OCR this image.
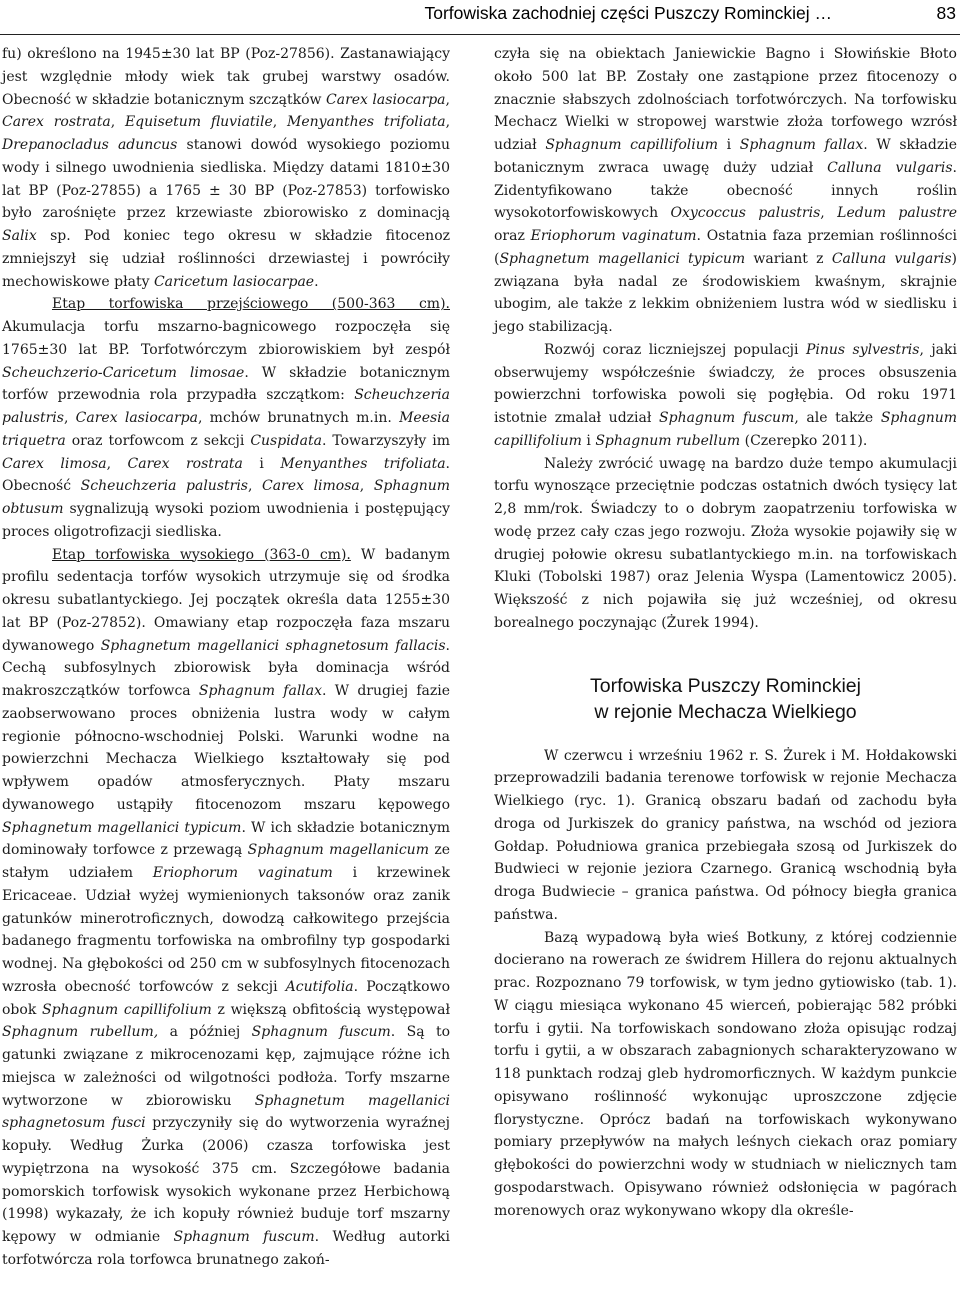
Torfowiska zachodniej części Puszczy Rominckiej …	83

fu) określono na 1945±30 lat BP (Poz-27856). Zastanawiający jest względnie młody wiek tak grubej warstwy osadów. Obecność w składzie botanicznym szczątków Carex lasiocarpa, Carex rostrata, Equisetum fluviatile, Menyanthes trifoliata, Drepanocladus aduncus stanowi dowód wysokiego poziomu wody i silnego uwodnienia siedliska. Między datami 1810±30 lat BP (Poz-27855) a 1765 ± 30 BP (Poz-27853) torfowisko było zarośnięte przez krzewiaste zbiorowisko z dominacją Salix sp. Pod koniec tego okresu w składzie fitocenoz zmniejszył się udział roślinności drzewiastej i powróciły mechowiskowe płaty Caricetum lasiocarpae.

Etap torfowiska przejściowego (500-363 cm). Akumulacja torfu mszarno-bagnicowego rozpoczęła się 1765±30 lat BP. Torfotwórczym zbiorowiskiem był zespół Scheuchzerio-Caricetum limosae. W składzie botanicznym torfów przewodnia rola przypadła szczątkom: Scheuchzeria palustris, Carex lasiocarpa, mchów brunatnych m.in. Meesia triquetra oraz torfowcom z sekcji Cuspidata. Towarzyszyły im Carex limosa, Carex rostrata i Menyanthes trifoliata. Obecność Scheuchzeria palustris, Carex limosa, Sphagnum obtusum sygnalizują wysoki poziom uwodnienia i postępujący proces oligotrofizacji siedliska.

Etap torfowiska wysokiego (363-0 cm). W badanym profilu sedentacja torfów wysokich utrzymuje się od środka okresu subatlantyckiego. Jej początek określa data 1255±30 lat BP (Poz-27852). Omawiany etap rozpoczęła faza mszaru dywanowego Sphagnetum magellanici sphagnetosum fallacis. Cechą subfosylnych zbiorowisk była dominacja wśród makroszczątków torfowca Sphagnum fallax. W drugiej fazie zaobserwowano proces obniżenia lustra wody w całym regionie północno-wschodniej Polski. Warunki wodne na powierzchni Mechacza Wielkiego kształtowały się pod wpływem opadów atmosferycznych. Płaty mszaru dywanowego ustąpiły fitocenozom mszaru kępowego Sphagnetum magellanici typicum. W ich składzie botanicznym dominowały torfowce z przewagą Sphagnum magellanicum ze stałym udziałem Eriophorum vaginatum i krzewinek Ericaceae. Udział wyżej wymienionych taksonów oraz zanik gatunków minerotroficznych, dowodzą całkowitego przejścia badanego fragmentu torfowiska na ombrofilny typ gospodarki wodnej. Na głębokości od 250 cm w subfosylnych fitocenozach wzrosła obecność torfowców z sekcji Acutifolia. Początkowo obok Sphagnum capillifolium z większą obfitością występował Sphagnum rubellum, a później Sphagnum fuscum. Są to gatunki związane z mikrocenozami kęp, zajmujące różne ich miejsca w zależności od wilgotności podłoża. Torfy mszarne wytworzone w zbiorowisku Sphagnetum magellanici sphagnetosum fusci przyczyniły się do wytworzenia wyraźnej kopuły. Według Żurka (2006) czasza torfowiska jest wypiętrzona na wysokość 375 cm. Szczegółowe badania pomorskich torfowisk wysokich wykonane przez Herbichową (1998) wykazały, że ich kopuły również buduje torf mszarny kępowy w odmianie Sphagnum fuscum. Według autorki torfotwórcza rola torfowca brunatnego zakoń-

czyła się na obiektach Janiewickie Bagno i Słowińskie Błoto około 500 lat BP. Zostały one zastąpione przez fitocenozy o znacznie słabszych zdolnościach torfotwórczych. Na torfowisku Mechacz Wielki w stropowej warstwie złoża torfowego wzrósł udział Sphagnum capillifolium i Sphagnum fallax. W składzie botanicznym zwraca uwagę duży udział Calluna vulgaris. Zidentyfikowano także obecność innych roślin wysokotorfowiskowych Oxycoccus palustris, Ledum palustre oraz Eriophorum vaginatum. Ostatnia faza przemian roślinności (Sphagnetum magellanici typicum wariant z Calluna vulgaris) związana była nadal ze środowiskiem kwaśnym, skrajnie ubogim, ale także z lekkim obniżeniem lustra wód w siedlisku i jego stabilizacją.

Rozwój coraz liczniejszej populacji Pinus sylvestris, jaki obserwujemy współcześnie świadczy, że proces obsuszenia powierzchni torfowiska powoli się pogłębia. Od roku 1971 istotnie zmalał udział Sphagnum fuscum, ale także Sphagnum capillifolium i Sphagnum rubellum (Czerepko 2011).

Należy zwrócić uwagę na bardzo duże tempo akumulacji torfu wynoszące przeciętnie podczas ostatnich dwóch tysięcy lat 2,8 mm/rok. Świadczy to o dobrym zaopatrzeniu torfowiska w wodę przez cały czas jego rozwoju. Złoża wysokie pojawiły się w drugiej połowie okresu subatlantyckiego m.in. na torfowiskach Kluki (Tobolski 1987) oraz Jelenia Wyspa (Lamentowicz 2005). Większość z nich pojawiła się już wcześniej, od okresu borealnego poczynając (Żurek 1994).

Torfowiska Puszczy Rominckiej
w rejonie Mechacza Wielkiego

W czerwcu i wrześniu 1962 r. S. Żurek i M. Hołdakowski przeprowadzili badania terenowe torfowisk w rejonie Mechacza Wielkiego (ryc. 1). Granicą obszaru badań od zachodu była droga od Jurkiszek do granicy państwa, na wschód od jeziora Gołdap. Południowa granica przebiegała szosą od Jurkiszek do Budwieci w rejonie jeziora Czarnego. Granicą wschodnią była droga Budwiecie – granica państwa. Od północy biegła granica państwa.

Bazą wypadową była wieś Botkuny, z której codziennie docierano na rowerach ze świdrem Hillera do rejonu aktualnych prac. Rozpoznano 79 torfowisk, w tym jedno gytiowisko (tab. 1). W ciągu miesiąca wykonano 45 wierceń, pobierając 582 próbki torfu i gytii. Na torfowiskach sondowano złoża opisując rodzaj torfu i gytii, a w obszarach zabagnionych scharakteryzowano w 118 punktach rodzaj gleb hydromorficznych. W każdym punkcie opisywano roślinność wykonując uproszczone zdjęcie florystyczne. Oprócz badań na torfowiskach wykonywano pomiary przepływów na małych leśnych ciekach oraz pomiary głębokości do powierzchni wody w studniach w nielicznych tam gospodarstwach. Opisywano również odsłonięcia w pagórach morenowych oraz wykonywano wkopy dla określe-
